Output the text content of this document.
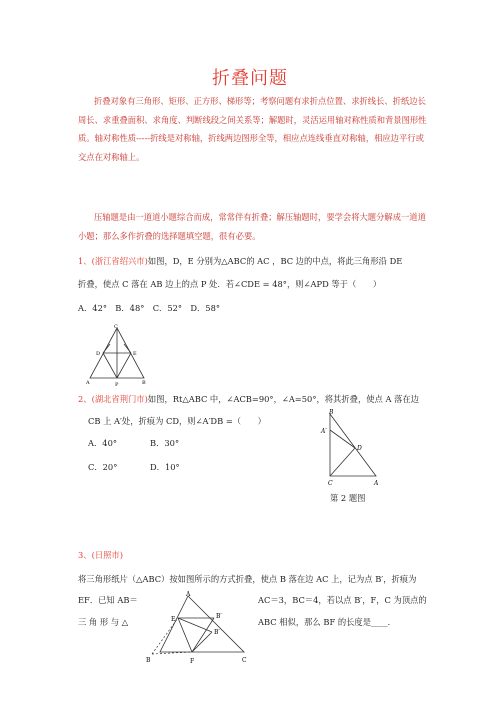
折叠问题
折叠对象有三角形、矩形、正方形、梯形等；考察问题有求折点位置、求折线长、折纸边长周长、求重叠面积、求角度、判断线段之间关系等；解题时，灵活运用轴对称性质和背景图形性质。轴对称性质-----折线是对称轴，折线两边图形全等，相应点连线垂直对称轴，相应边平行或交点在对称轴上。
压轴题是由一道道小题综合而成，常常伴有折叠；解压轴题时，要学会将大题分解成一道道小题；那么多作折叠的选择题填空题，很有必要。
1、(浙江省绍兴市)如图，D，E 分别为△ABC的 AC ，BC 边的中点，将此三角形沿 DE
折叠，使点 C 落在 AB 边上的点 P 处．若∠CDE = 48°，则∠APD 等于（　　）
A．42°　B．48°　C．52°　D．58°
C
D	E
A	P	B
2、(湖北省荆门市)如图，Rt△ABC 中，∠ACB=90°，∠A=50°，将其折叠，使点 A 落在边
CB 上 A′处，折痕为 CD，则∠A′DB =（　　）
A．40°	B．30°
C．20°	D．10°
B
A′
D
C	A
第 2 题图
3、(日照市)
将三角形纸片（△ABC）按如图所示的方式折叠，使点 B 落在边 AC 上，记为点 B′，折痕为
EF．已知 AB＝	AC＝3，BC＝4，若以点 B′，F，C 为顶点的
三 角 形 与 △	ABC 相似，那么 BF 的长度是____．
A
E	B′
B′
B	F	C
